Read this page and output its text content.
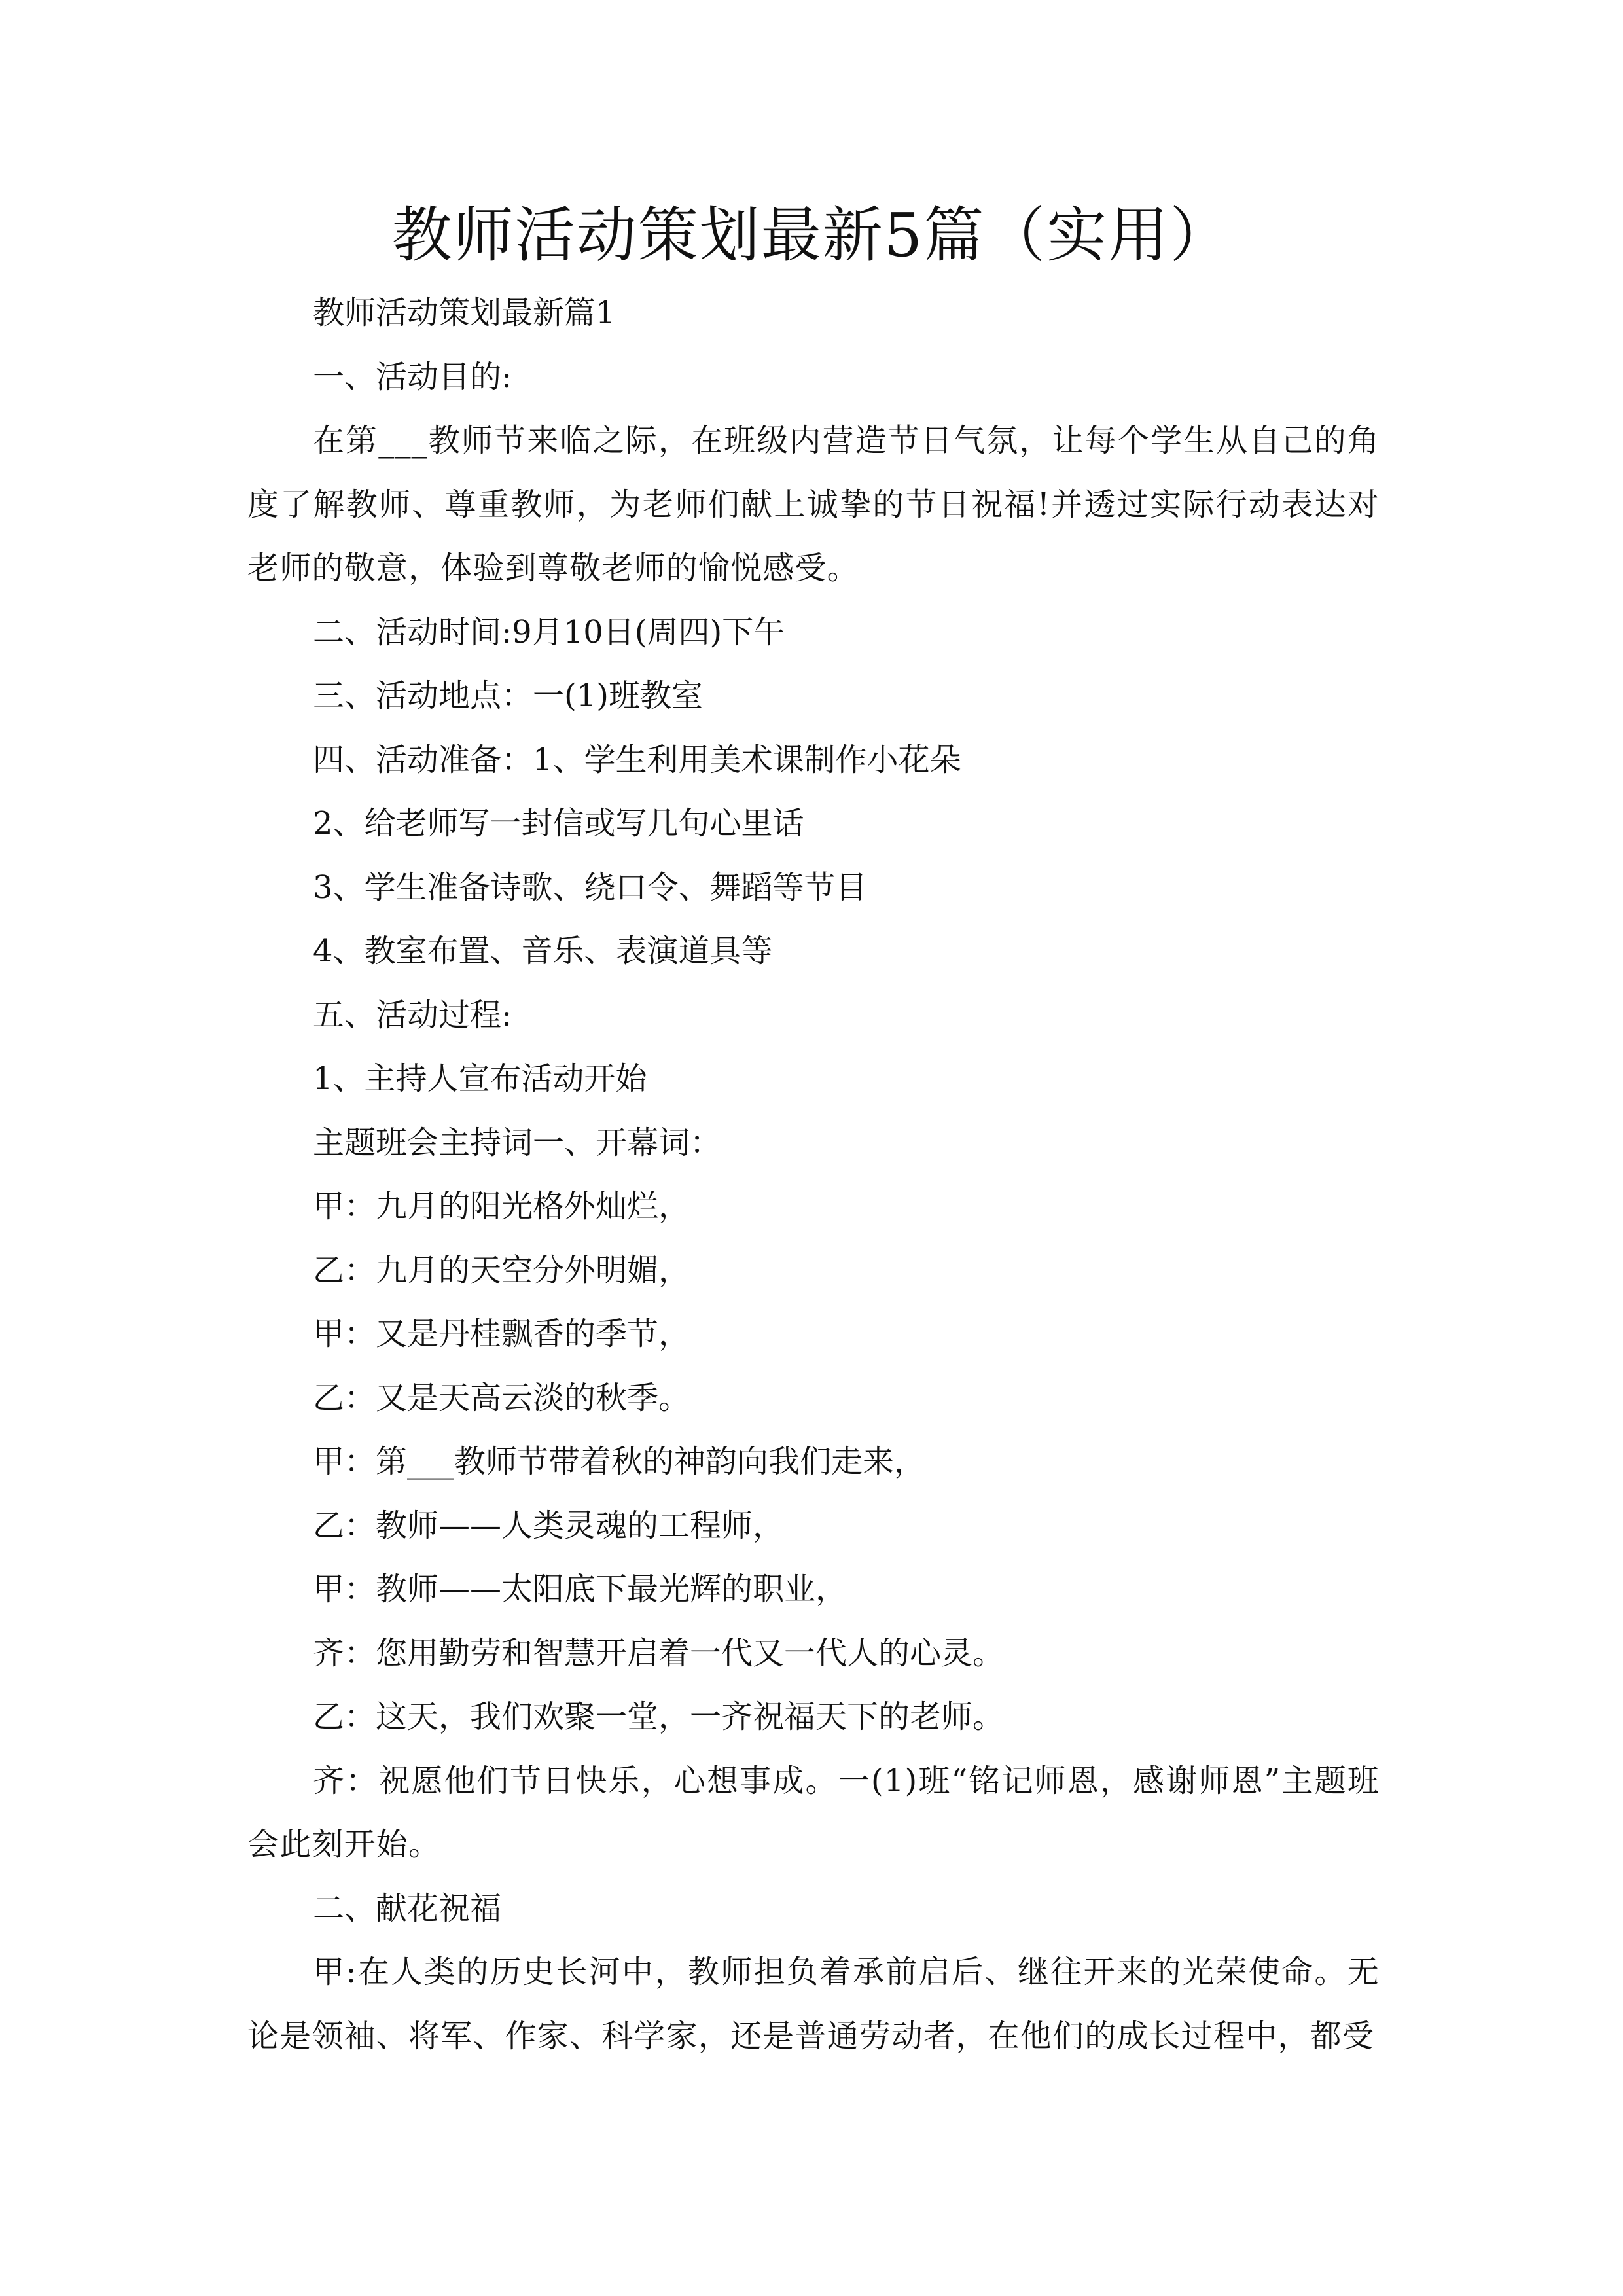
教师活动策划最新5篇（实用）

教师活动策划最新篇1

一、活动目的:

在第___教师节来临之际，在班级内营造节日气氛，让每个学生从自己的角度了解教师、尊重教师，为老师们献上诚挚的节日祝福!并透过实际行动表达对老师的敬意，体验到尊敬老师的愉悦感受。

二、活动时间:9月10日(周四)下午

三、活动地点：一(1)班教室

四、活动准备：1、学生利用美术课制作小花朵

2、给老师写一封信或写几句心里话

3、学生准备诗歌、绕口令、舞蹈等节目

4、教室布置、音乐、表演道具等

五、活动过程:

1、主持人宣布活动开始

主题班会主持词一、开幕词：

甲：九月的阳光格外灿烂，

乙：九月的天空分外明媚，

甲：又是丹桂飘香的季节，

乙：又是天高云淡的秋季。

甲：第___教师节带着秋的神韵向我们走来，

乙：教师——人类灵魂的工程师，

甲：教师——太阳底下最光辉的职业，

齐：您用勤劳和智慧开启着一代又一代人的心灵。

乙：这天，我们欢聚一堂，一齐祝福天下的老师。

齐：祝愿他们节日快乐，心想事成。一(1)班“铭记师恩，感谢师恩”主题班会此刻开始。

二、献花祝福

甲:在人类的历史长河中，教师担负着承前启后、继往开来的光荣使命。无论是领袖、将军、作家、科学家，还是普通劳动者，在他们的成长过程中，都受
